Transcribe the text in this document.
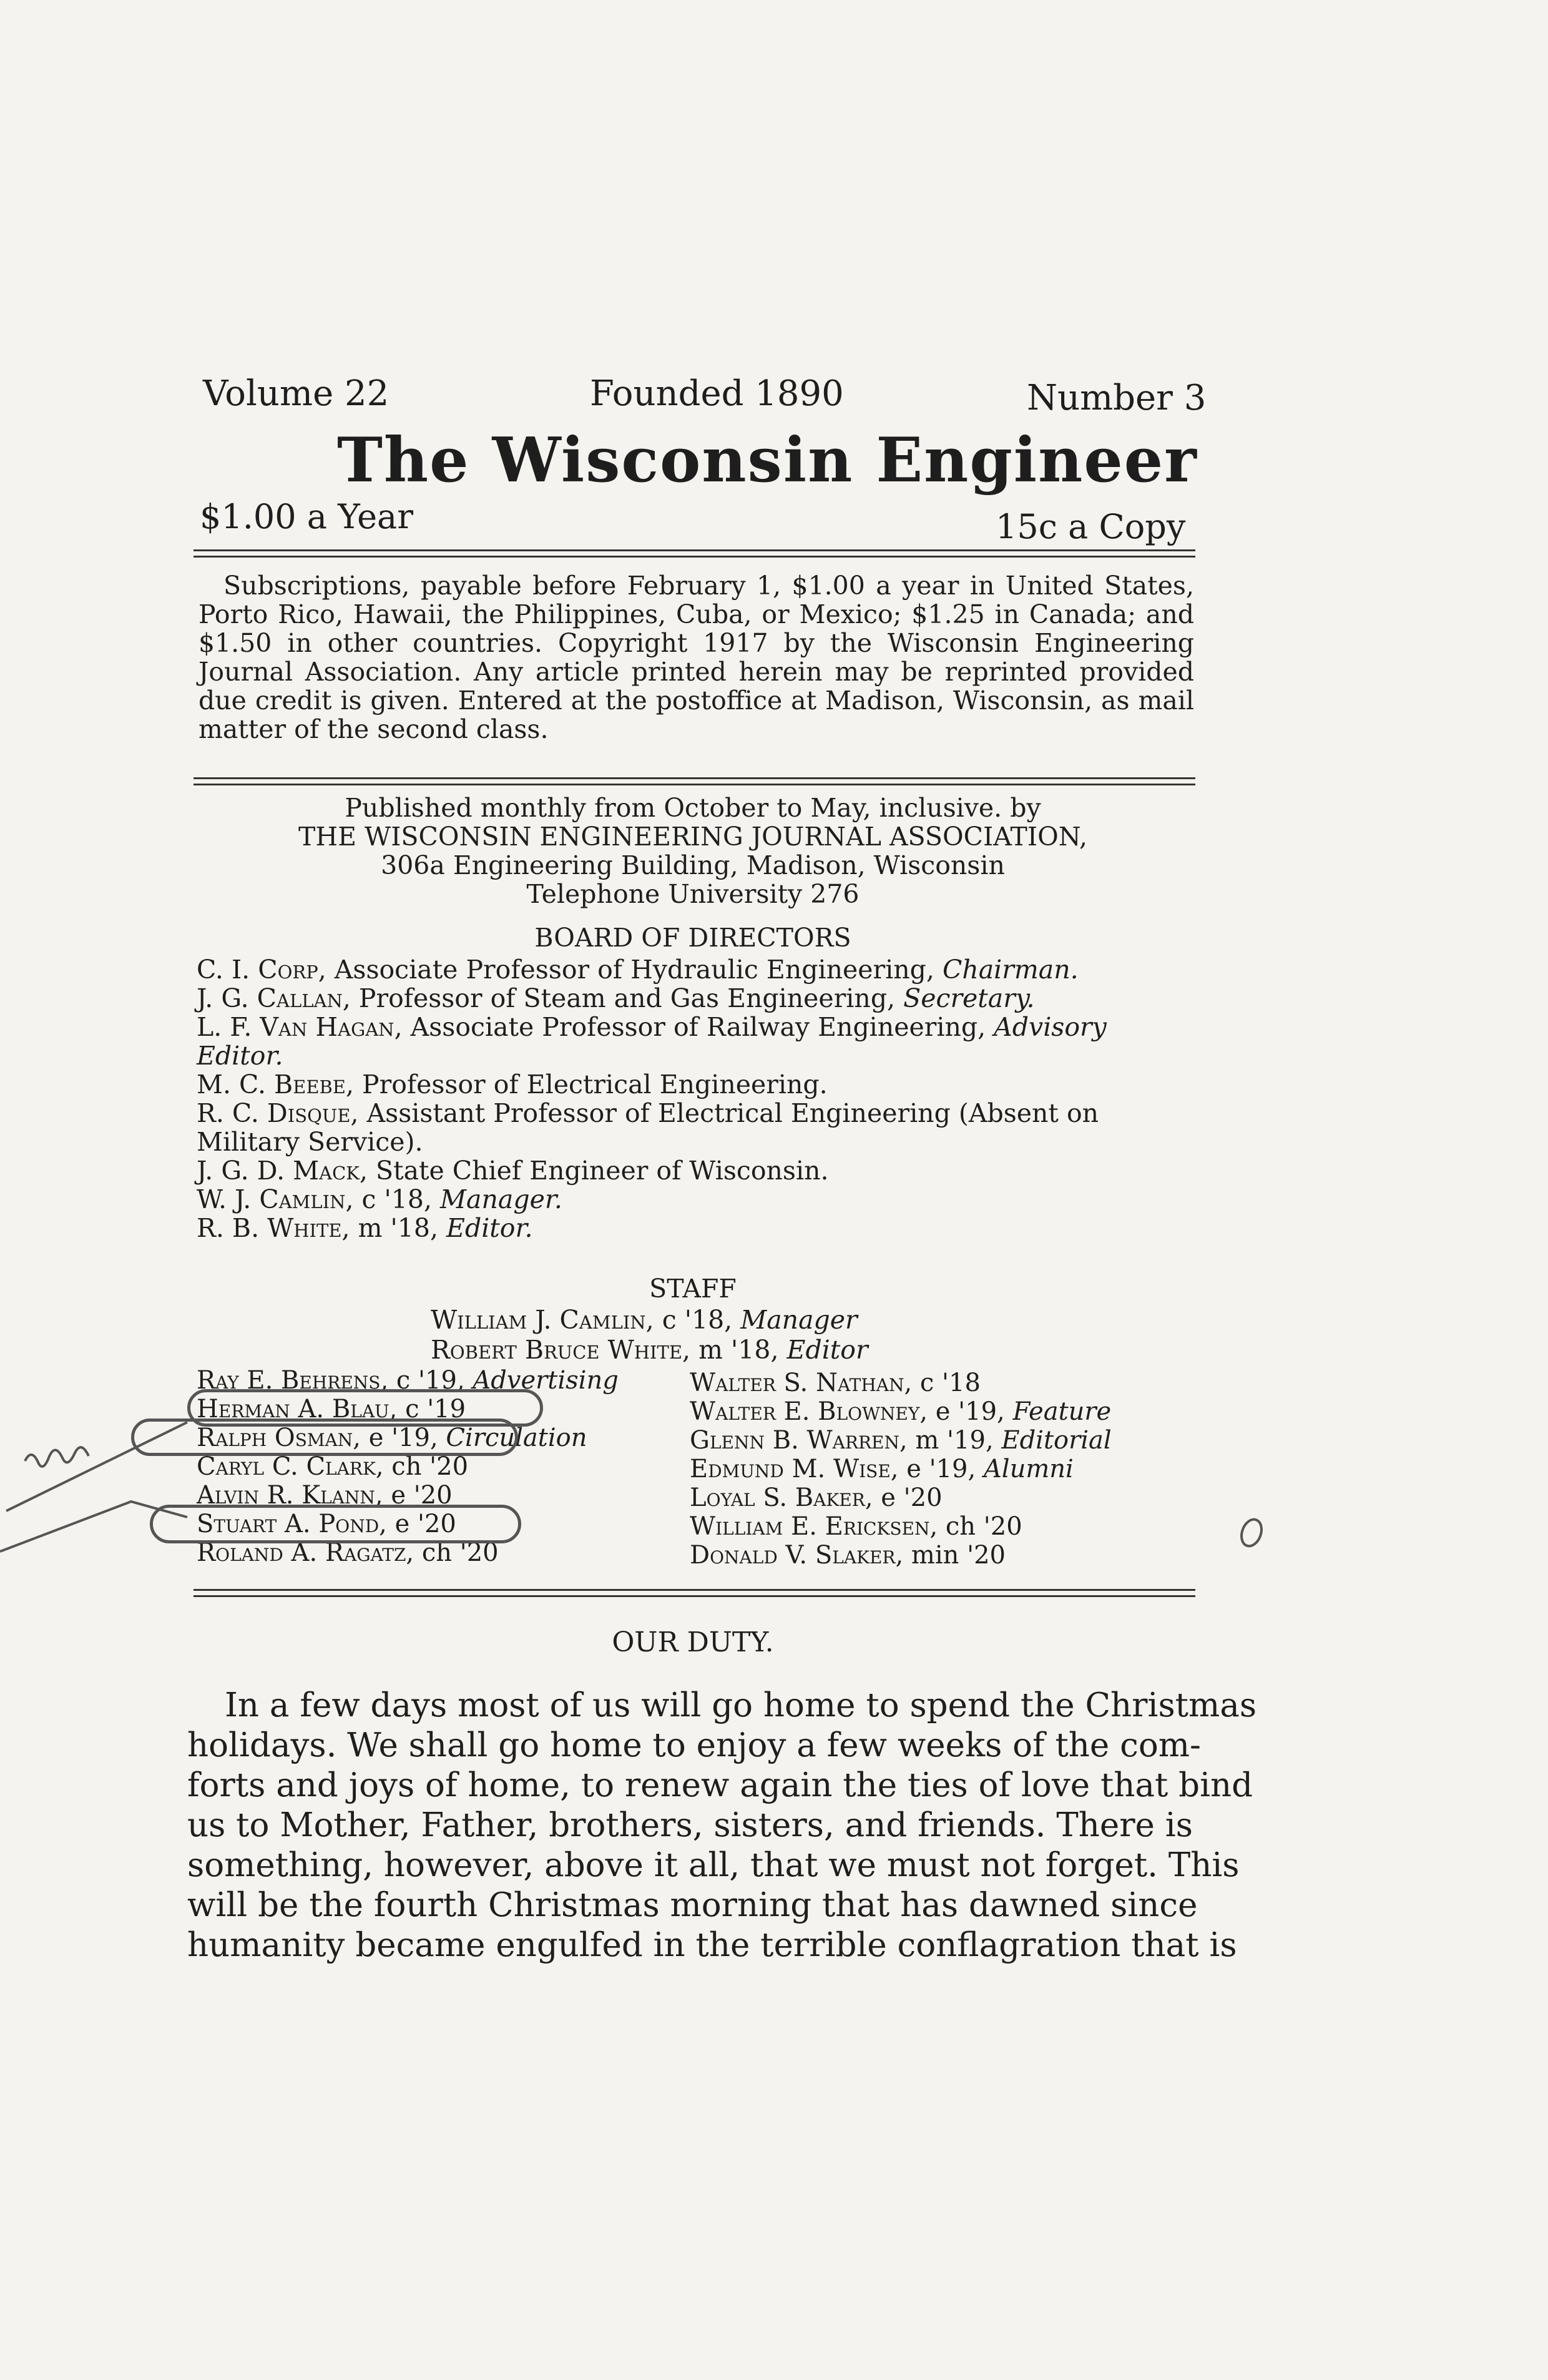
Volume 22	Founded 1890	Number 3
The Wisconsin Engineer
$1.00 a Year	15c a Copy
Subscriptions, payable before February 1, $1.00 a year in United States, Porto Rico, Hawaii, the Philippines, Cuba, or Mexico; $1.25 in Canada; and $1.50 in other countries. Copyright 1917 by the Wisconsin Engineering Journal Association. Any article printed herein may be reprinted provided due credit is given. Entered at the postoffice at Madison, Wisconsin, as mail matter of the second class.
Published monthly from October to May, inclusive. by
THE WISCONSIN ENGINEERING JOURNAL ASSOCIATION,
306a Engineering Building, Madison, Wisconsin
Telephone University 276
BOARD OF DIRECTORS
C. I. Corp, Associate Professor of Hydraulic Engineering, Chairman.
J. G. Callan, Professor of Steam and Gas Engineering, Secretary.
L. F. Van Hagan, Associate Professor of Railway Engineering, Advisory Editor.
M. C. Beebe, Professor of Electrical Engineering.
R. C. Disque, Assistant Professor of Electrical Engineering (Absent on Military Service).
J. G. D. Mack, State Chief Engineer of Wisconsin.
W. J. Camlin, c '18, Manager.
R. B. White, m '18, Editor.
STAFF
William J. Camlin, c '18, Manager
Robert Bruce White, m '18, Editor
Ray E. Behrens, c '19, Advertising
Herman A. Blau, c '19
Ralph Osman, e '19, Circulation
Caryl C. Clark, ch '20
Alvin R. Klann, e '20
Stuart A. Pond, e '20
Roland A. Ragatz, ch '20
Walter S. Nathan, c '18
Walter E. Blowney, e '19, Feature
Glenn B. Warren, m '19, Editorial
Edmund M. Wise, e '19, Alumni
Loyal S. Baker, e '20
William E. Ericksen, ch '20
Donald V. Slaker, min '20
OUR DUTY.
In a few days most of us will go home to spend the Christmas
holidays. We shall go home to enjoy a few weeks of the com-
forts and joys of home, to renew again the ties of love that bind
us to Mother, Father, brothers, sisters, and friends. There is
something, however, above it all, that we must not forget. This
will be the fourth Christmas morning that has dawned since
humanity became engulfed in the terrible conflagration that is
